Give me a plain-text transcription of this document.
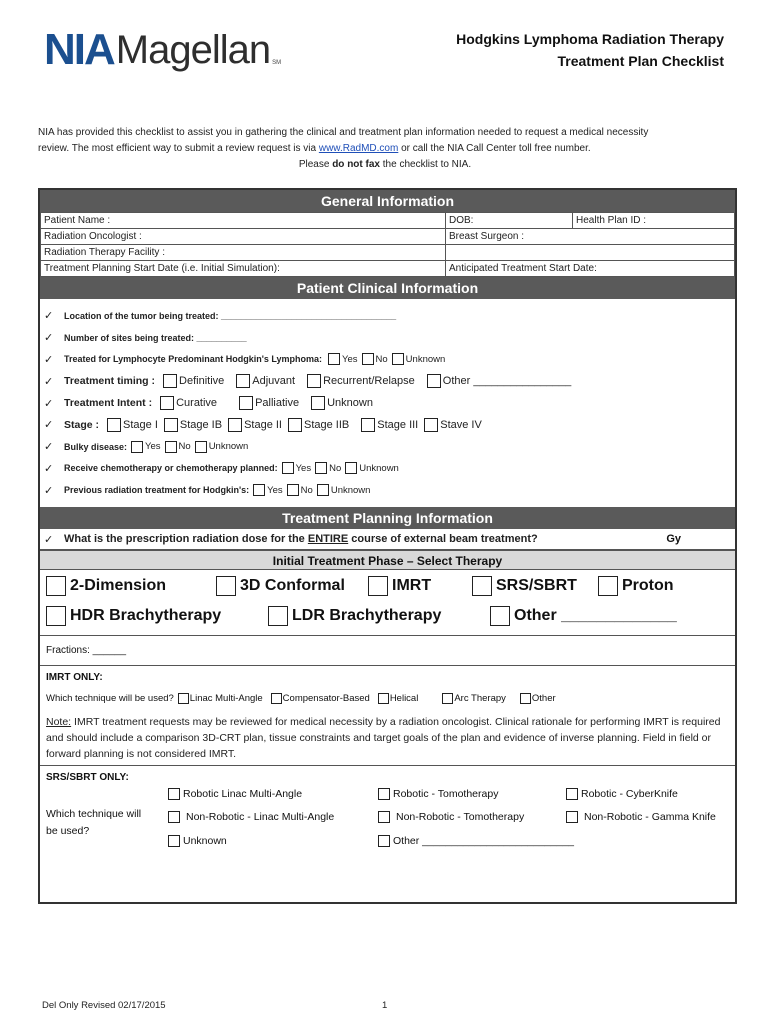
NIA Magellan SM
Hodgkins Lymphoma Radiation Therapy
Treatment Plan Checklist
NIA has provided this checklist to assist you in gathering the clinical and treatment plan information needed to request a medical necessity
review. The most efficient way to submit a review request is via www.RadMD.com or call the NIA Call Center toll free number.
Please do not fax the checklist to NIA.
General Information
Patient Name :	DOB:	Health Plan ID :
Radiation Oncologist :	Breast Surgeon :	
Radiation Therapy Facility :		
Treatment Planning Start Date (i.e. Initial Simulation):	Anticipated Treatment Start Date:	
Patient Clinical Information
✓	Location of the tumor being treated: ___________________________________
✓	Number of sites being treated: __________
✓	Treated for Lymphocyte Predominant Hodgkin's Lymphoma: Yes No Unknown
✓	Treatment timing : Definitive	Adjuvant	Recurrent/Relapse	Other ________________
✓	Treatment Intent : Curative	Palliative	Unknown
✓	Stage : Stage I Stage IB Stage II Stage IIB	Stage III Stave IV
✓	Bulky disease: Yes No Unknown
✓	Receive chemotherapy or chemotherapy planned: Yes No Unknown
✓	Previous radiation treatment for Hodgkin's: Yes No Unknown
Treatment Planning Information
✓ What is the prescription radiation dose for the ENTIRE course of external beam treatment?	Gy
Initial Treatment Phase – Select Therapy
2-Dimension	3D Conformal	IMRT	SRS/SBRT	Proton
HDR Brachytherapy	LDR Brachytherapy	Other _____________
Fractions: ______
IMRT ONLY:
Which technique will be used? Linac Multi-Angle Compensator-Based Helical	Arc Therapy	Other
Note: IMRT treatment requests may be reviewed for medical necessity by a radiation oncologist. Clinical rationale for performing IMRT is required and should include a comparison 3D-CRT plan, tissue constraints and target goals of the plan and evidence of inverse planning. Field in field or forward planning is not considered IMRT.
SRS/SBRT ONLY:
Which technique will be used?
Robotic Linac Multi-Angle	Robotic - Tomotherapy	Robotic - CyberKnife
Non-Robotic - Linac Multi-Angle	Non-Robotic - Tomotherapy	Non-Robotic - Gamma Knife
Unknown	Other __________________________
Del Only Revised 02/17/2015	1
